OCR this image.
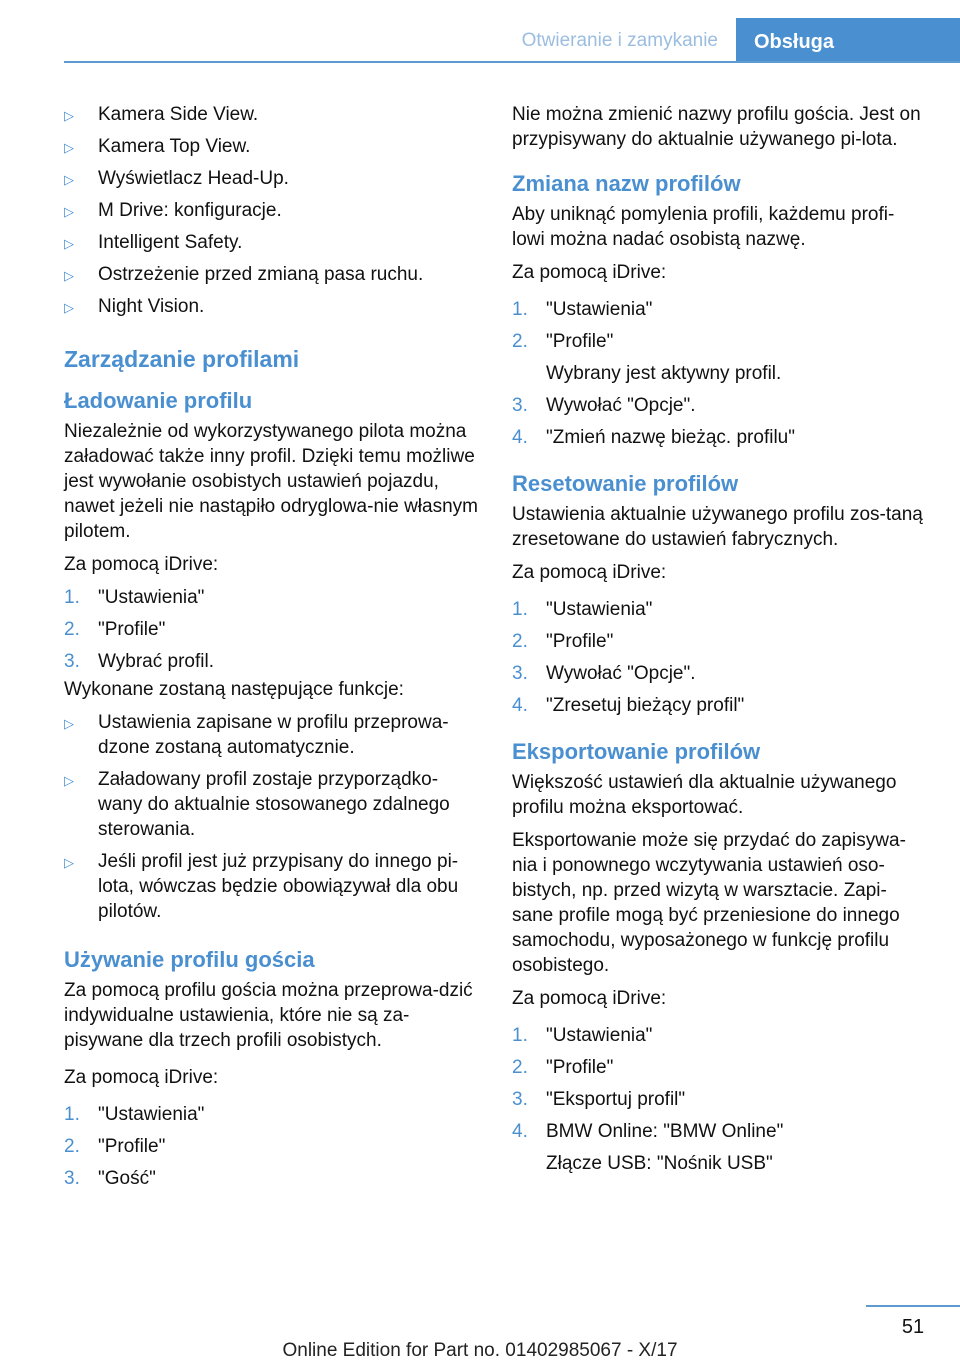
Otwieranie i zamykanie	Obsługa
▷ Kamera Side View.
▷ Kamera Top View.
▷ Wyświetlacz Head-Up.
▷ M Drive: konfiguracje.
▷ Intelligent Safety.
▷ Ostrzeżenie przed zmianą pasa ruchu.
▷ Night Vision.
Zarządzanie profilami
Ładowanie profilu

Niezależnie od wykorzystywanego pilota można załadować także inny profil. Dzięki temu możliwe jest wywołanie osobistych ustawień pojazdu, nawet jeżeli nie nastąpiło odryglowa-nie własnym pilotem.

Za pomocą iDrive:

1. "Ustawienia"
2. "Profile"
3. Wybrać profil.

Wykonane zostaną następujące funkcje:

▷ Ustawienia zapisane w profilu przeprowa-dzone zostaną automatycznie.
▷ Załadowany profil zostaje przyporządko-wany do aktualnie stosowanego zdalnego sterowania.
▷ Jeśli profil jest już przypisany do innego pi-lota, wówczas będzie obowiązywał dla obu pilotów.
Używanie profilu gościa

Za pomocą profilu gościa można przeprowa-dzić indywidualne ustawienia, które nie są za-pisywane dla trzech profili osobistych.

Za pomocą iDrive:

1. "Ustawienia"
2. "Profile"
3. "Gość"

Nie można zmienić nazwy profilu gościa. Jest on przypisywany do aktualnie używanego pi-lota.

Zmiana nazw profilów

Aby uniknąć pomylenia profili, każdemu profi-lowi można nadać osobistą nazwę.

Za pomocą iDrive:

1. "Ustawienia"
2. "Profile"
Wybrany jest aktywny profil.
3. Wywołać "Opcje".
4. "Zmień nazwę bieżąc. profilu"
Resetowanie profilów

Ustawienia aktualnie używanego profilu zos-taną zresetowane do ustawień fabrycznych.

Za pomocą iDrive:

1. "Ustawienia"
2. "Profile"
3. Wywołać "Opcje".
4. "Zresetuj bieżący profil"
Eksportowanie profilów

Większość ustawień dla aktualnie używanego profilu można eksportować.

Eksportowanie może się przydać do zapisywa-nia i ponownego wczytywania ustawień oso-bistych, np. przed wizytą w warsztacie. Zapi-sane profile mogą być przeniesione do innego samochodu, wyposażonego w funkcję profilu osobistego.

Za pomocą iDrive:

1. "Ustawienia"
2. "Profile"
3. "Eksportuj profil"
4. BMW Online: "BMW Online"
Złącze USB: "Nośnik USB"
51
Online Edition for Part no. 01402985067 - X/17
